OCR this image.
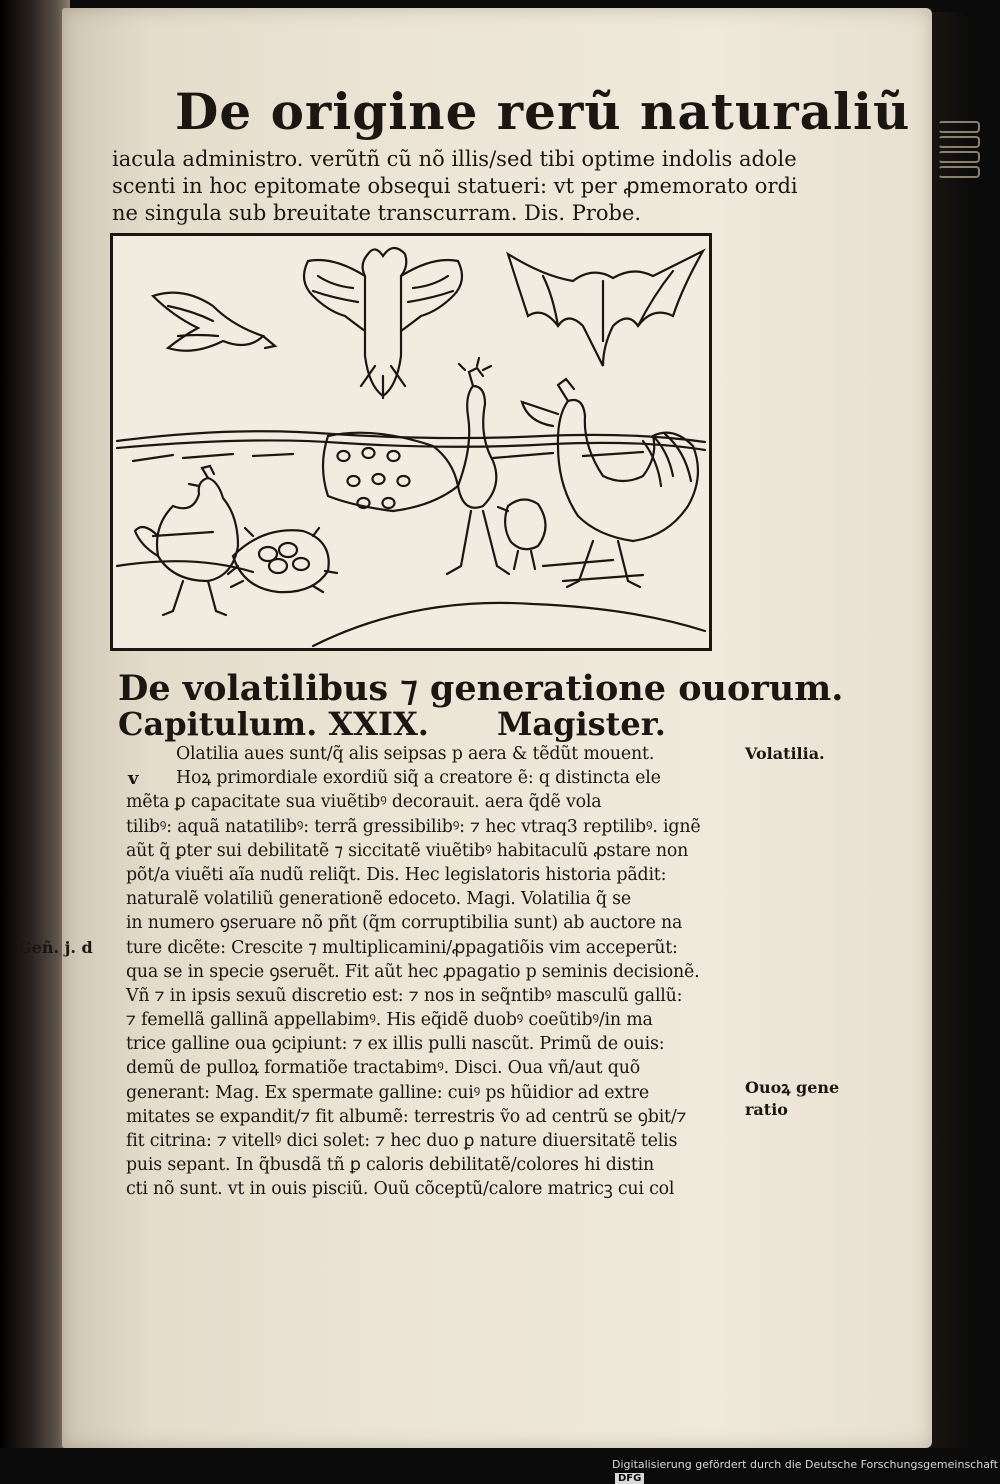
De origine rerũ naturaliũ
iacula administro. verũtñ cũ nõ illis/sed tibi optime indolis adole
scenti in hoc epitomate obsequi statueri: vt per ꝓmemorato ordi
ne singula sub breuitate transcurram. Dis. Probe.
De volatilibus ⁊ generatione ouorum.
Capitulum. XXIX. Magister.
Olatilia aues sunt/q̃ alis seipsas p aera & tẽdũt mouent.
Hoꝝ primordiale exordiũ siq̃ a creatore ẽ: q distincta ele
v
mẽta ꝑ capacitate sua viuẽtibꝰ decorauit. aera q̃dẽ vola
tilibꝰ: aquã natatilibꝰ: terrã gressibilibꝰ: ⁊ hec vtraq3 reptilibꝰ. ignẽ
aũt q̃ ꝑter sui debilitatẽ ⁊ siccitatẽ viuẽtibꝰ habitaculũ ꝓstare non
põt/a viuẽti aĩa nudũ reliq̃t. Dis. Hec legislatoris historia pãdit:
naturalẽ volatiliũ generationẽ edoceto. Magi. Volatilia q̃ se
in numero ꝯseruare nõ pñt (q̃m corruptibilia sunt) ab auctore na
ture dicẽte: Crescite ⁊ multiplicamini/ꝓpagatiõis vim acceperũt:
qua se in specie ꝯseruẽt. Fit aũt hec ꝓpagatio p seminis decisionẽ.
Vñ ⁊ in ipsis sexuũ discretio est: ⁊ nos in seq̃ntibꝰ masculũ gallũ:
⁊ femellã gallinã appellabimꝰ. His eq̃idẽ duobꝰ coeũtibꝰ/in ma
trice galline oua ꝯcipiunt: ⁊ ex illis pulli nascũt. Primũ de ouis:
demũ de pulloꝝ formatiõe tractabimꝰ. Disci. Oua vñ/aut quõ
generant: Mag. Ex spermate galline: cuiꝰ ps hũidior ad extre
mitates se expandit/⁊ fit albumẽ: terrestris ṽo ad centrũ se ꝯbit/⁊
fit citrina: ⁊ vitellꝰ dici solet: ⁊ hec duo ꝑ nature diuersitatẽ telis
puis sepant. In q̃busdã tñ ꝑ caloris debilitatẽ/colores hi distin
cti nõ sunt. vt in ouis pisciũ. Ouũ cõceptũ/calore matricꝫ cui col
Volatilia.
Geñ. j. d
Ouoꝝ gene
ratio
Digitalisierung gefördert durch die Deutsche ForschungsgemeinschaftDFG
